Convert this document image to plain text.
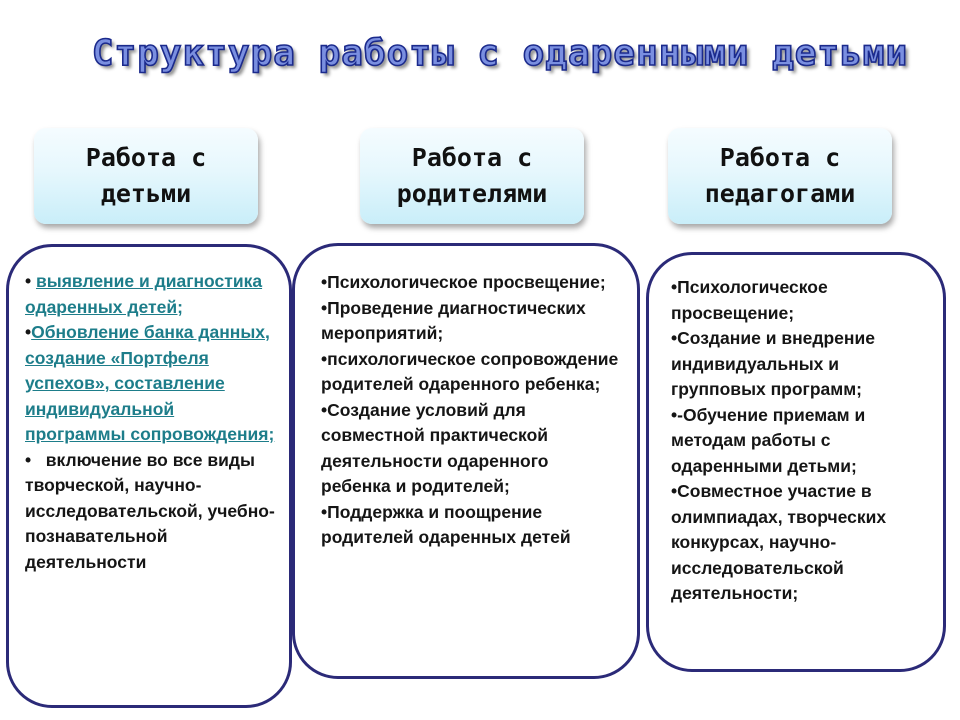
Структура работы с одаренными детьми
Работа с
детьми
Работа с
родителями
Работа с
педагогами
• выявление и диагностика одаренных детей;
•Обновление банка данных, создание «Портфеля успехов», составление индивидуальной программы сопровождения;
•   включение во все виды творческой, научно-исследовательской, учебно-познавательной деятельности
•Психологическое просвещение;
•Проведение диагностических мероприятий;
•психологическое сопровождение родителей одаренного ребенка;
•Создание условий для совместной практической деятельности одаренного ребенка и родителей;
•Поддержка и поощрение родителей одаренных детей
•Психологическое просвещение;
•Создание и внедрение индивидуальных и групповых программ;
•-Обучение приемам и методам работы с одаренными детьми;
•Совместное участие в олимпиадах, творческих конкурсах, научно-исследовательской деятельности;
